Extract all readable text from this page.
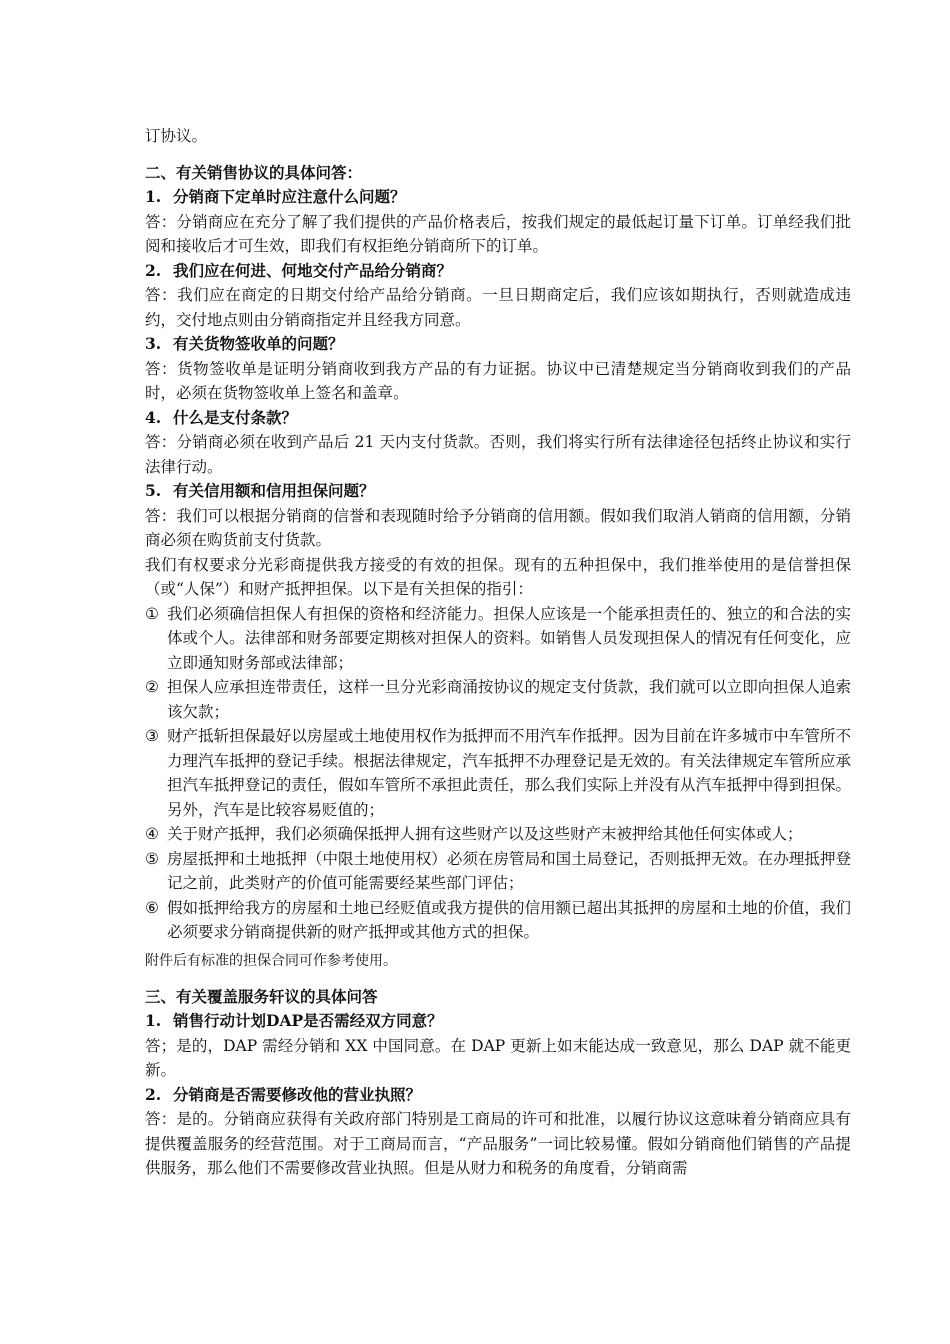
订协议。

二、有关销售协议的具体问答：

1. 分销商下定单时应注意什么问题？

答：分销商应在充分了解了我们提供的产品价格表后，按我们规定的最低起订量下订单。订单经我们批阅和接收后才可生效，即我们有权拒绝分销商所下的订单。

2. 我们应在何进、何地交付产品给分销商？

答：我们应在商定的日期交付给产品给分销商。一旦日期商定后，我们应该如期执行，否则就造成违约，交付地点则由分销商指定并且经我方同意。

3. 有关货物签收单的问题？

答：货物签收单是证明分销商收到我方产品的有力证据。协议中已清楚规定当分销商收到我们的产品时，必须在货物签收单上签名和盖章。

4. 什么是支付条款？

答：分销商必须在收到产品后 21 天内支付货款。否则，我们将实行所有法律途径包括终止协议和实行法律行动。

5. 有关信用额和信用担保问题？

答：我们可以根据分销商的信誉和表现随时给予分销商的信用额。假如我们取消人销商的信用额，分销商必须在购货前支付货款。

我们有权要求分光彩商提供我方接受的有效的担保。现有的五种担保中，我们推举使用的是信誉担保（或“人保”）和财产抵押担保。以下是有关担保的指引：

① 我们必须确信担保人有担保的资格和经济能力。担保人应该是一个能承担责任的、独立的和合法的实体或个人。法律部和财务部要定期核对担保人的资料。如销售人员发现担保人的情况有任何变化，应立即通知财务部或法律部；
② 担保人应承担连带责任，这样一旦分光彩商涌按协议的规定支付货款，我们就可以立即向担保人追索该欠款；
③ 财产抵斩担保最好以房屋或土地使用权作为抵押而不用汽车作抵押。因为目前在许多城市中车管所不力理汽车抵押的登记手续。根据法律规定，汽车抵押不办理登记是无效的。有关法律规定车管所应承担汽车抵押登记的责任，假如车管所不承担此责任，那么我们实际上并没有从汽车抵押中得到担保。另外，汽车是比较容易贬值的；
④ 关于财产抵押，我们必须确保抵押人拥有这些财产以及这些财产末被押给其他任何实体或人；
⑤ 房屋抵押和土地抵押（中限土地使用权）必须在房管局和国土局登记，否则抵押无效。在办理抵押登记之前，此类财产的价值可能需要经某些部门评估；
⑥ 假如抵押给我方的房屋和土地已经贬值或我方提供的信用额已超出其抵押的房屋和土地的价值，我们必须要求分销商提供新的财产抵押或其他方式的担保。

附件后有标准的担保合同可作参考使用。

三、有关覆盖服务轩议的具体问答

1. 销售行动计划DAP是否需经双方同意？

答；是的，DAP 需经分销和 XX 中国同意。在 DAP 更新上如末能达成一致意见，那么 DAP 就不能更新。

2. 分销商是否需要修改他的营业执照？

答：是的。分销商应获得有关政府部门特别是工商局的许可和批准，以履行协议这意味着分销商应具有提供覆盖服务的经营范围。对于工商局而言，“产品服务”一词比较易懂。假如分销商他们销售的产品提供服务，那么他们不需要修改营业执照。但是从财力和税务的角度看，分销商需
